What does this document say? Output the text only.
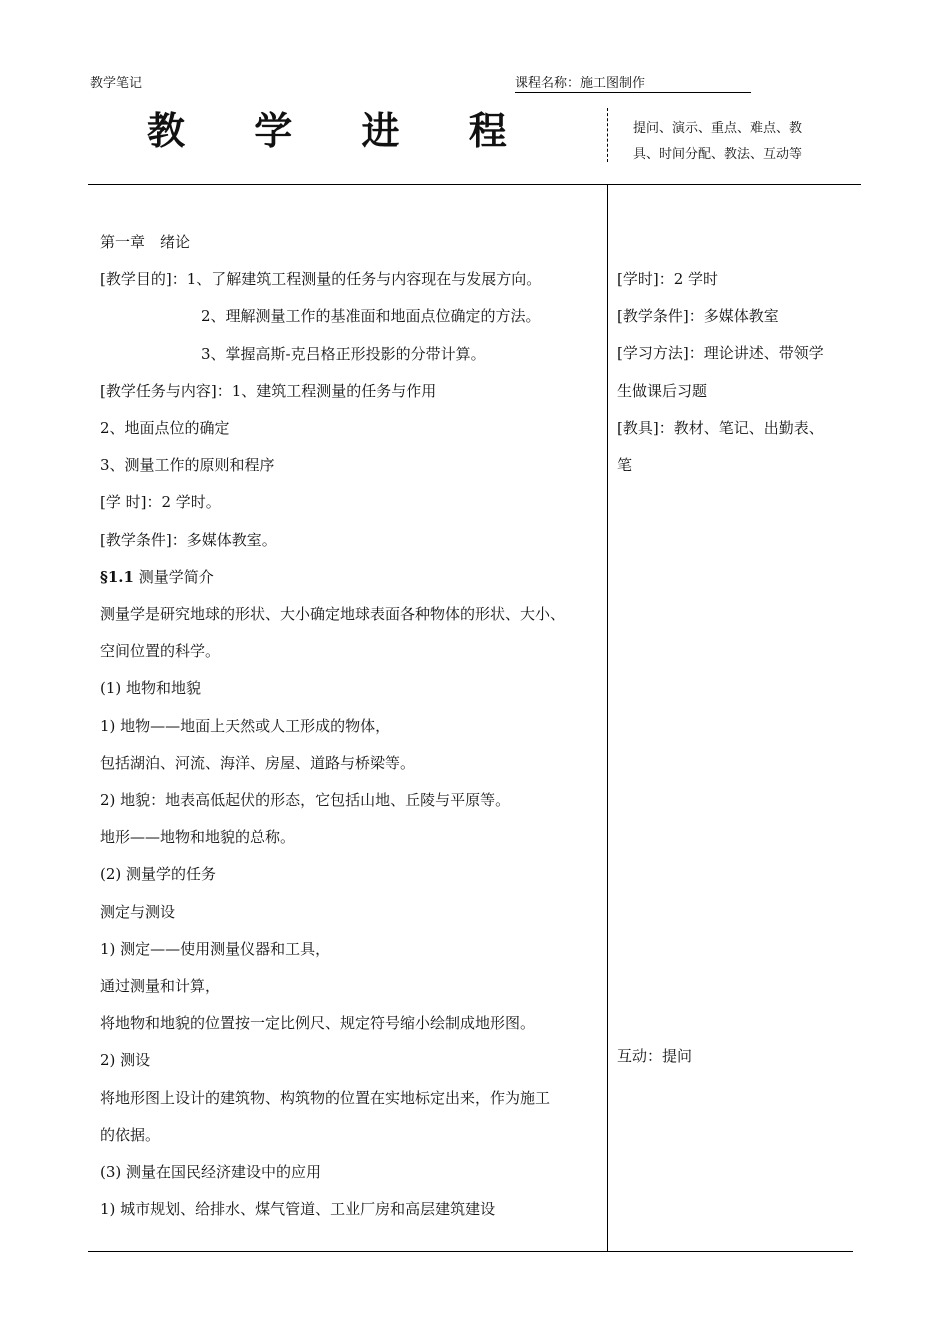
教学笔记	课程名称：施工图制作
教 学 进 程	提问、演示、重点、难点、教
具、时间分配、教法、互动等
第一章　绪论
[教学目的]：1、了解建筑工程测量的任务与内容现在与发展方向。
2、理解测量工作的基准面和地面点位确定的方法。
3、掌握高斯-克吕格正形投影的分带计算。
[教学任务与内容]：1、建筑工程测量的任务与作用
2、地面点位的确定
3、测量工作的原则和程序
[学 时]：2 学时。
[教学条件]：多媒体教室。
§1.1 测量学简介
测量学是研究地球的形状、大小确定地球表面各种物体的形状、大小、
空间位置的科学。
(1) 地物和地貌
1) 地物——地面上天然或人工形成的物体，
包括湖泊、河流、海洋、房屋、道路与桥梁等。
2) 地貌：地表高低起伏的形态，它包括山地、丘陵与平原等。
地形——地物和地貌的总称。
(2) 测量学的任务
测定与测设
1) 测定——使用测量仪器和工具，
通过测量和计算，
将地物和地貌的位置按一定比例尺、规定符号缩小绘制成地形图。
2) 测设
将地形图上设计的建筑物、构筑物的位置在实地标定出来，作为施工
的依据。
(3) 测量在国民经济建设中的应用
1) 城市规划、给排水、煤气管道、工业厂房和高层建筑建设
[学时]：2 学时
[教学条件]：多媒体教室
[学习方法]：理论讲述、带领学
生做课后习题
[教具]：教材、笔记、出勤表、
笔
互动：提问
